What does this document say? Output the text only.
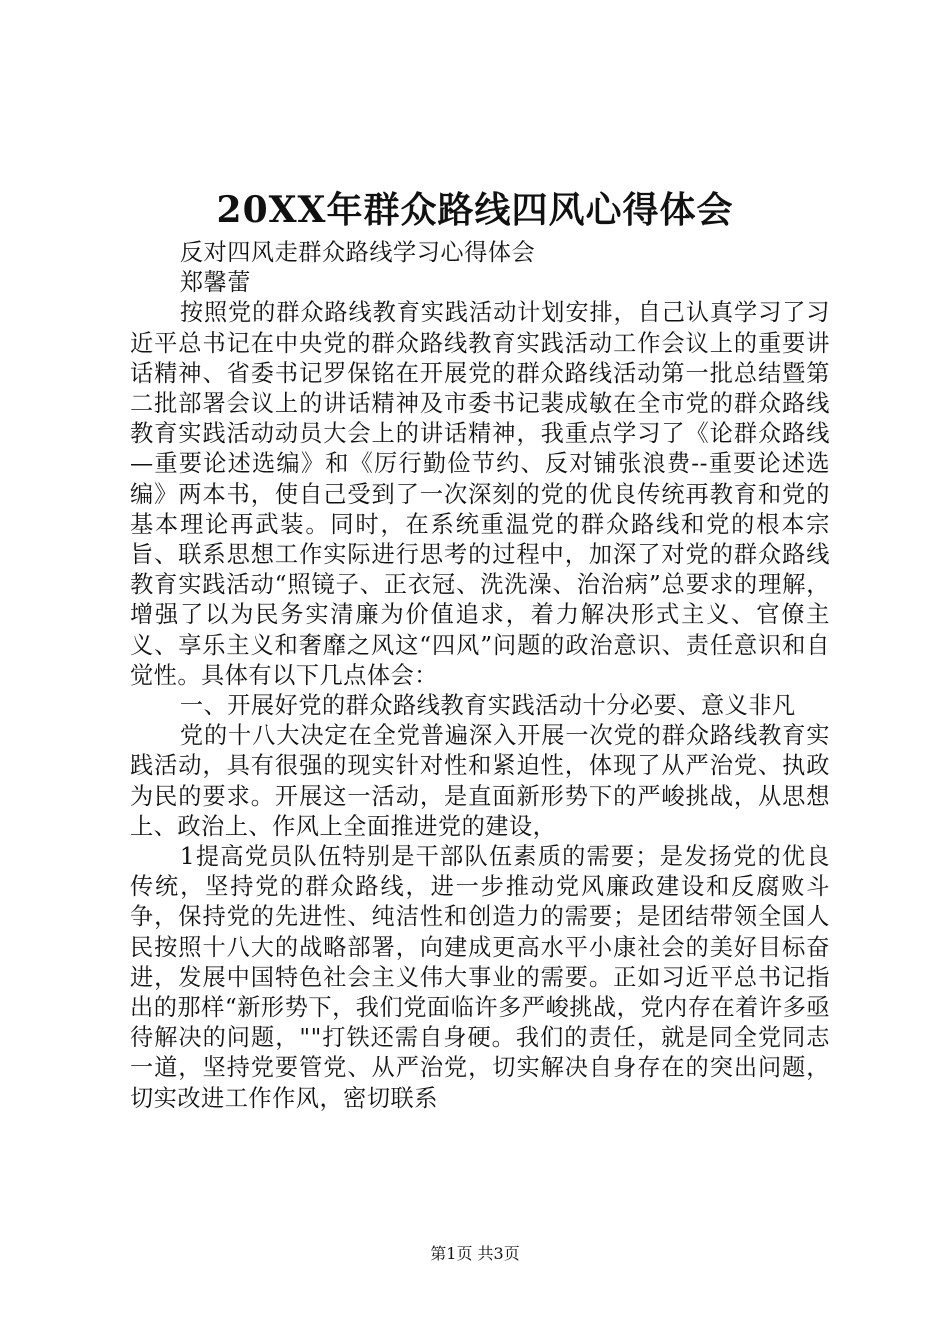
20XX年群众路线四风心得体会

反对四风走群众路线学习心得体会

郑馨蕾

按照党的群众路线教育实践活动计划安排，自己认真学习了习近平总书记在中央党的群众路线教育实践活动工作会议上的重要讲话精神、省委书记罗保铭在开展党的群众路线活动第一批总结暨第二批部署会议上的讲话精神及市委书记裴成敏在全市党的群众路线教育实践活动动员大会上的讲话精神，我重点学习了《论群众路线—重要论述选编》和《厉行勤俭节约、反对铺张浪费--重要论述选编》两本书，使自己受到了一次深刻的党的优良传统再教育和党的基本理论再武装。同时，在系统重温党的群众路线和党的根本宗旨、联系思想工作实际进行思考的过程中，加深了对党的群众路线教育实践活动“照镜子、正衣冠、洗洗澡、治治病”总要求的理解，增强了以为民务实清廉为价值追求，着力解决形式主义、官僚主义、享乐主义和奢靡之风这“四风”问题的政治意识、责任意识和自觉性。具体有以下几点体会：

一、开展好党的群众路线教育实践活动十分必要、意义非凡

党的十八大决定在全党普遍深入开展一次党的群众路线教育实践活动，具有很强的现实针对性和紧迫性，体现了从严治党、执政为民的要求。开展这一活动，是直面新形势下的严峻挑战，从思想上、政治上、作风上全面推进党的建设，

1提高党员队伍特别是干部队伍素质的需要；是发扬党的优良传统，坚持党的群众路线，进一步推动党风廉政建设和反腐败斗争，保持党的先进性、纯洁性和创造力的需要；是团结带领全国人民按照十八大的战略部署，向建成更高水平小康社会的美好目标奋进，发展中国特色社会主义伟大事业的需要。正如习近平总书记指出的那样“新形势下，我们党面临许多严峻挑战，党内存在着许多亟待解决的问题，""打铁还需自身硬。我们的责任，就是同全党同志一道，坚持党要管党、从严治党，切实解决自身存在的突出问题，切实改进工作作风，密切联系

第1页 共3页
